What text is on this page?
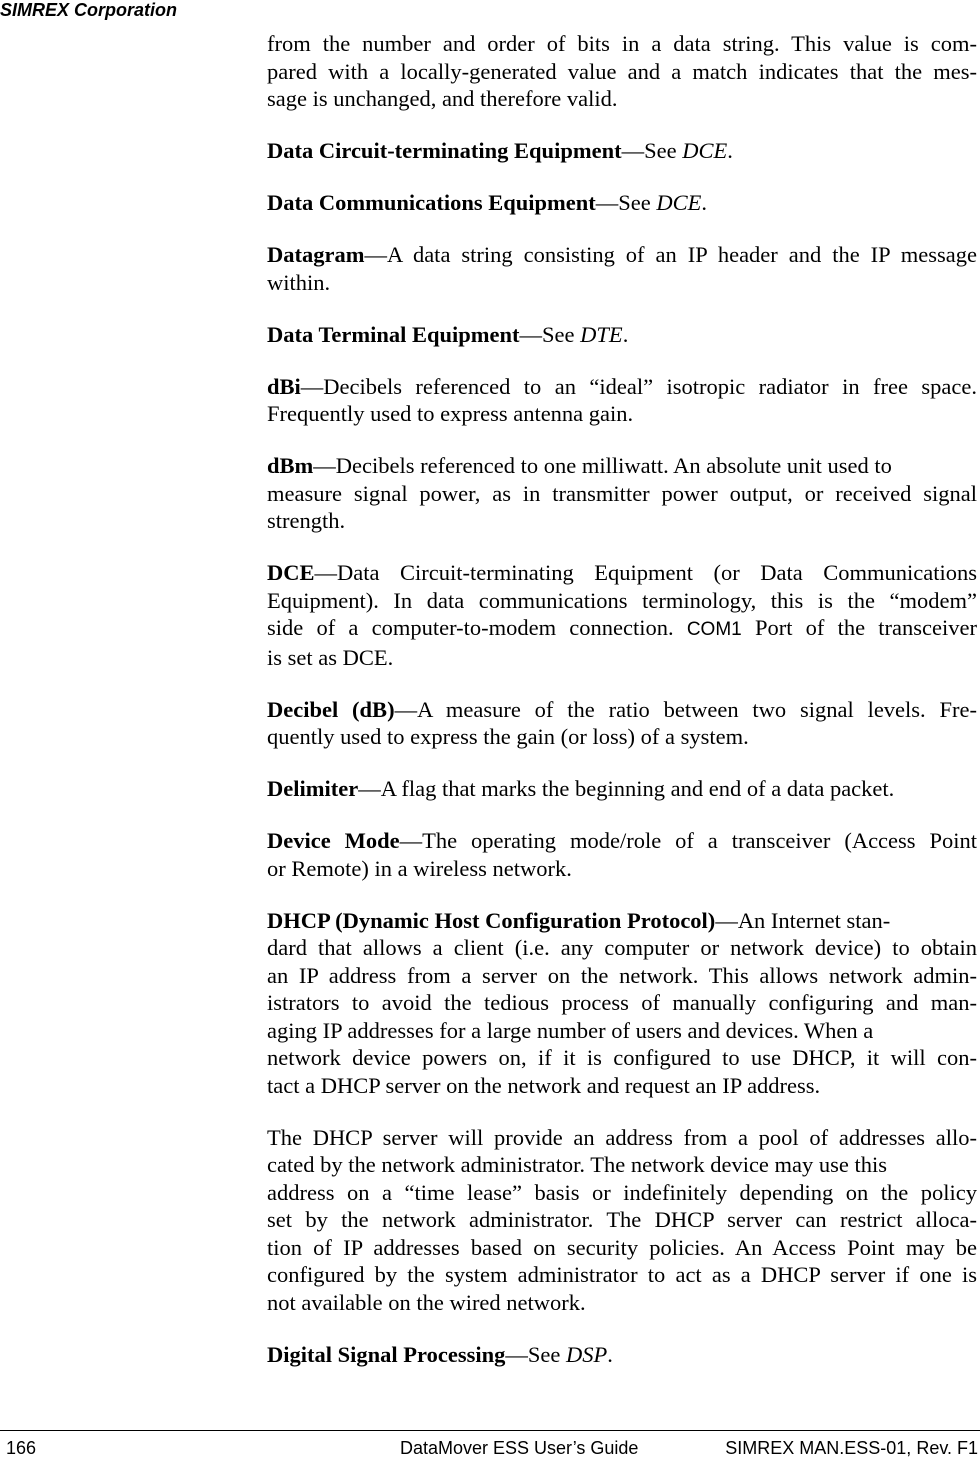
SIMREX Corporation
from the number and order of bits in a data string. This value is com-
pared with a locally-generated value and a match indicates that the mes-
sage is unchanged, and therefore valid.
Data Circuit-terminating Equipment—See DCE.
Data Communications Equipment—See DCE.
Datagram—A data string consisting of an IP header and the IP message
within.
Data Terminal Equipment—See DTE.
dBi—Decibels referenced to an “ideal” isotropic radiator in free space.
Frequently used to express antenna gain.
dBm—Decibels referenced to one milliwatt. An absolute unit used to
measure signal power, as in transmitter power output, or received signal
strength.
DCE—Data Circuit-terminating Equipment (or Data Communications
Equipment). In data communications terminology, this is the “modem”
side of a computer-to-modem connection. COM1 Port of the transceiver
is set as DCE.
Decibel (dB)—A measure of the ratio between two signal levels. Fre-
quently used to express the gain (or loss) of a system.
Delimiter—A flag that marks the beginning and end of a data packet.
Device Mode—The operating mode/role of a transceiver (Access Point
or Remote) in a wireless network.
DHCP (Dynamic Host Configuration Protocol)—An Internet stan-
dard that allows a client (i.e. any computer or network device) to obtain
an IP address from a server on the network. This allows network admin-
istrators to avoid the tedious process of manually configuring and man-
aging IP addresses for a large number of users and devices. When a
network device powers on, if it is configured to use DHCP, it will con-
tact a DHCP server on the network and request an IP address.
The DHCP server will provide an address from a pool of addresses allo-
cated by the network administrator. The network device may use this
address on a “time lease” basis or indefinitely depending on the policy
set by the network administrator. The DHCP server can restrict alloca-
tion of IP addresses based on security policies. An Access Point may be
configured by the system administrator to act as a DHCP server if one is
not available on the wired network.
Digital Signal Processing—See DSP.
166	DataMover ESS User’s Guide	SIMREX MAN.ESS-01, Rev. F1
